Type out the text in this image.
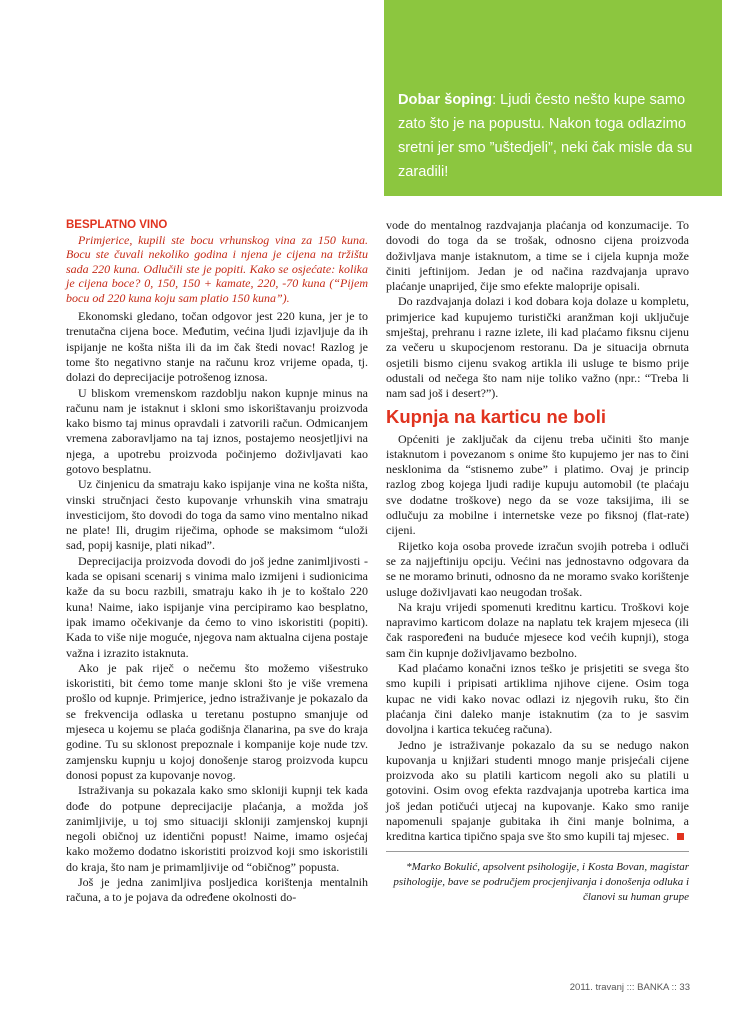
Dobar šoping: Ljudi često nešto kupe samo zato što je na popustu. Nakon toga odlazimo sretni jer smo ”uštedjeli”, neki čak misle da su zaradili!
BESPLATNO VINO
Primjerice, kupili ste bocu vrhunskog vina za 150 kuna. Bocu ste čuvali nekoliko godina i njena je cijena na tržištu sada 220 kuna. Odlučili ste je popiti. Kako se osjećate: kolika je cijena boce? 0, 150, 150 + kamate, 220, -70 kuna (“Pijem bocu od 220 kuna koju sam platio 150 kuna”).

Ekonomski gledano, točan odgovor jest 220 kuna, jer je to trenutačna cijena boce. Međutim, većina ljudi izjavljuje da ih ispijanje ne košta ništa ili da im čak štedi novac! Razlog je tome što negativno stanje na računu kroz vrijeme opada, tj. dolazi do deprecijacije potrošenog iznosa.

U bliskom vremenskom razdoblju nakon kupnje minus na računu nam je istaknut i skloni smo iskorištavanju proizvoda kako bismo taj minus opravdali i zatvorili račun. Odmicanjem vremena zaboravljamo na taj iznos, postajemo neosjetljivi na njega, a upotrebu proizvoda počinjemo doživljavati kao gotovo besplatnu.

Uz činjenicu da smatraju kako ispijanje vina ne košta ništa, vinski stručnjaci često kupovanje vrhunskih vina smatraju investicijom, što dovodi do toga da samo vino mentalno nikad ne plate! Ili, drugim riječima, ophode se maksimom “uloži sad, popij kasnije, plati nikad”.

Deprecijacija proizvoda dovodi do još jedne zanimljivosti - kada se opisani scenarij s vinima malo izmijeni i sudionicima kaže da su bocu razbili, smatraju kako ih je to koštalo 220 kuna! Naime, iako ispijanje vina percipiramo kao besplatno, ipak imamo očekivanje da ćemo to vino iskoristiti (popiti). Kada to više nije moguće, njegova nam aktualna cijena postaje važna i izrazito istaknuta.

Ako je pak riječ o nečemu što možemo višestruko iskoristiti, bit ćemo tome manje skloni što je više vremena prošlo od kupnje. Primjerice, jedno istraživanje je pokazalo da se frekvencija odlaska u teretanu postupno smanjuje od mjeseca u kojemu se plaća godišnja članarina, pa sve do kraja godine. Tu su sklonost prepoznale i kompanije koje nude tzv. zamjensku kupnju u kojoj donošenje starog proizvoda kupcu donosi popust za kupovanje novog.

Istraživanja su pokazala kako smo skloniji kupnji tek kada dođe do potpune deprecijacije plaćanja, a možda još zanimljivije, u toj smo situaciji skloniji zamjenskoj kupnji negoli običnoj uz identični popust! Naime, imamo osjećaj kako možemo dodatno iskoristiti proizvod koji smo iskoristili do kraja, što nam je primamljivije od “običnog” popusta.

Još je jedna zanimljiva posljedica korištenja mentalnih računa, a to je pojava da određene okolnosti do-

vode do mentalnog razdvajanja plaćanja od konzumacije. To dovodi do toga da se trošak, odnosno cijena proizvoda doživljava manje istaknutom, a time se i cijela kupnja može činiti jeftinijom. Jedan je od načina razdvajanja upravo plaćanje unaprijed, čije smo efekte maloprije opisali.

Do razdvajanja dolazi i kod dobara koja dolaze u kompletu, primjerice kad kupujemo turistički aranžman koji uključuje smještaj, prehranu i razne izlete, ili kad plaćamo fiksnu cijenu za večeru u skupocjenom restoranu. Da je situacija obrnuta osjetili bismo cijenu svakog artikla ili usluge te bismo prije odustali od nečega što nam nije toliko važno (npr.: “Treba li nam sad još i desert?”).

Kupnja na karticu ne boli

Općeniti je zaključak da cijenu treba učiniti što manje istaknutom i povezanom s onime što kupujemo jer nas to čini nesklonima da “stisnemo zube” i platimo. Ovaj je princip razlog zbog kojega ljudi radije kupuju automobil (te plaćaju sve dodatne troškove) nego da se voze taksijima, ili se odlučuju za mobilne i internetske veze po fiksnoj (flat-rate) cijeni.

Rijetko koja osoba provede izračun svojih potreba i odluči se za najjeftiniju opciju. Većini nas jednostavno odgovara da se ne moramo brinuti, odnosno da ne moramo svako korištenje usluge doživljavati kao neugodan trošak.

Na kraju vrijedi spomenuti kreditnu karticu. Troškovi koje napravimo karticom dolaze na naplatu tek krajem mjeseca (ili čak raspoređeni na buduće mjesece kod većih kupnji), stoga sam čin kupnje doživljavamo bezbolno.

Kad plaćamo konačni iznos teško je prisjetiti se svega što smo kupili i pripisati artiklima njihove cijene. Osim toga kupac ne vidi kako novac odlazi iz njegovih ruku, što čin plaćanja čini daleko manje istaknutim (za to je sasvim dovoljna i kartica tekućeg računa).

Jedno je istraživanje pokazalo da su se nedugo nakon kupovanja u knjižari studenti mnogo manje prisjećali cijene proizvoda ako su platili karticom negoli ako su platili u gotovini. Osim ovog efekta razdvajanja upotreba kartica ima još jedan potičući utjecaj na kupovanje. Kako smo ranije napomenuli spajanje gubitaka ih čini manje bolnima, a kreditna kartica tipično spaja sve što smo kupili taj mjesec.

*Marko Bokulić, apsolvent psihologije, i Kosta Bovan, magistar psihologije, bave se područjem procjenjivanja i donošenja odluka i članovi su human grupe
2011. travanj ::: BANKA :: 33
